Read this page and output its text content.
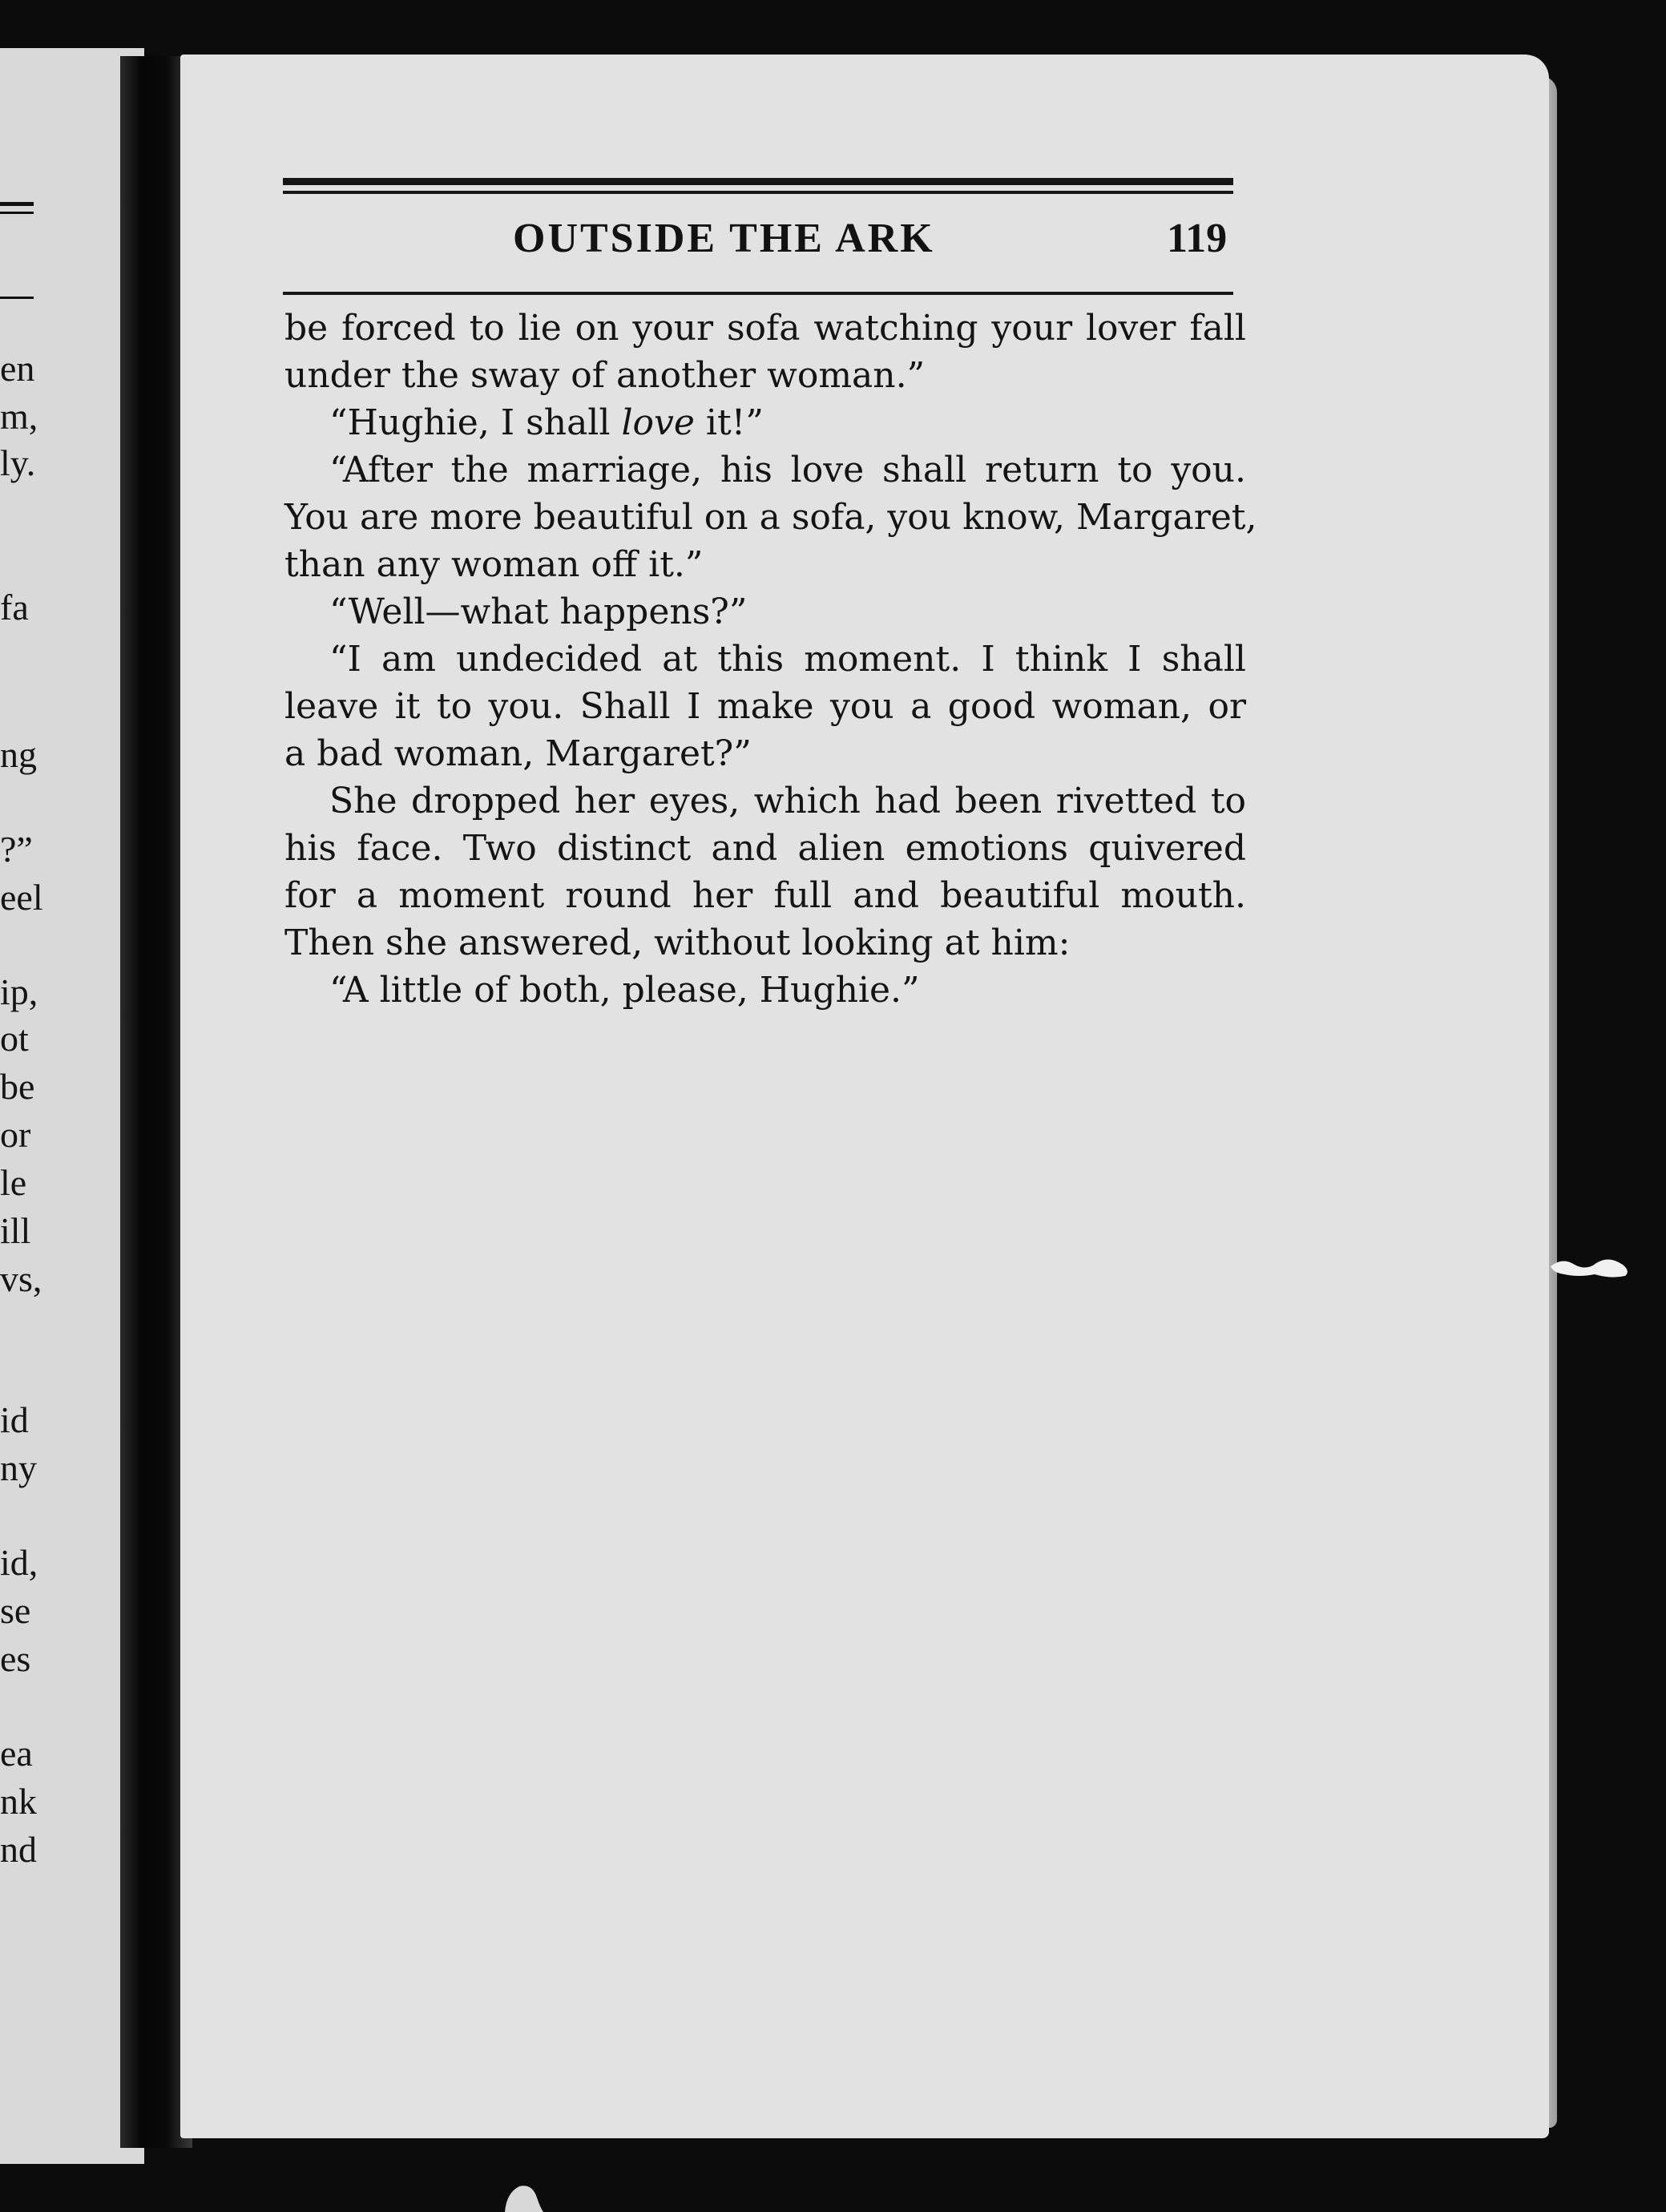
en
m,
ly.
fa
ng
?”
eel
ip,
ot
be
or
le
ill
vs,
id
ny
id,
se
es
ea
nk
nd
OUTSIDE THE ARK	119
be forced to lie on your sofa watching your lover fall
under the sway of another woman.”
“Hughie, I shall love it!”
“After the marriage, his love shall return to you.
You are more beautiful on a sofa, you know, Margaret,
than any woman off it.”
“Well—what happens?”
“I am undecided at this moment. I think I shall
leave it to you. Shall I make you a good woman, or
a bad woman, Margaret?”
She dropped her eyes, which had been rivetted to
his face. Two distinct and alien emotions quivered
for a moment round her full and beautiful mouth.
Then she answered, without looking at him:
“A little of both, please, Hughie.”
